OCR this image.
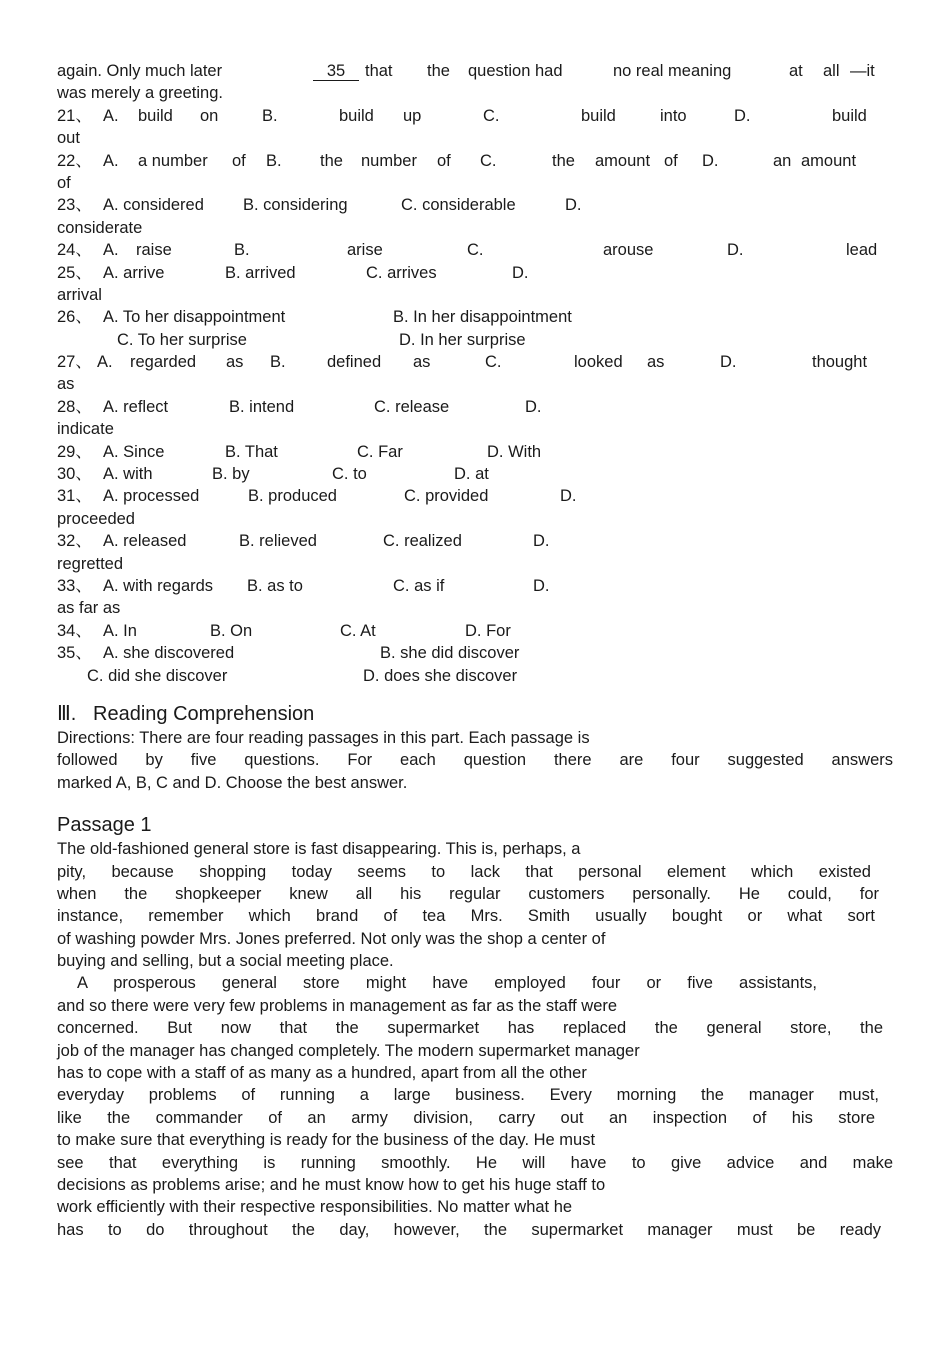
again. Only much later	35 that the question had	no real meaning	at all —it
was merely a greeting.
21、 A. build on	B.	build up	C.	build	into	D.	build
out
22、 A. a number of B. the number of C.	the amount of D.	an amount
of
23、 A. considered B. considering	C. considerable	D.
considerate
24、 A. raise	B.	arise	C.	arouse	D.	lead
25、 A. arrive	B. arrived	C. arrives	D.
arrival
26、 A. To her disappointment	B. In her disappointment
C. To her surprise	D. In her surprise
27、 A. regarded as B.	defined as	C.	looked as	D.	thought
as
28、 A. reflect	B. intend	C. release	D.
indicate
29、 A. Since	B. That	C. Far	D. With
30、 A. with	B. by	C. to	D. at
31、 A. processed	B. produced	C. provided	D.
proceeded
32、 A. released	B. relieved	C. realized	D.
regretted
33、 A. with regards B. as to	C. as if	D.
as far as
34、 A. In	B. On	C. At	D. For
35、 A. she discovered	B. she did discover
C. did she discover	D. does she discover
Ⅲ.   Reading Comprehension
Directions: There are four reading passages in this part. Each passage is
followed by five questions. For each question there are four suggested answers
marked A, B, C and D. Choose the best answer.
Passage 1
The old-fashioned general store is fast disappearing. This is, perhaps, a
pity, because shopping today seems to lack that personal element which existed
when the shopkeeper knew all his regular customers personally. He could, for
instance, remember which brand of tea Mrs. Smith usually bought or what sort
of washing powder Mrs. Jones preferred. Not only was the shop a center of
buying and selling, but a social meeting place.
A prosperous general store might have employed four or five assistants,
and so there were very few problems in management as far as the staff were
concerned. But now that the supermarket has replaced the general store, the
job of the manager has changed completely. The modern supermarket manager
has to cope with a staff of as many as a hundred, apart from all the other
everyday problems of running a large business. Every morning the manager must,
like the commander of an army division, carry out an inspection of his store
to make sure that everything is ready for the business of the day. He must
see that everything is running smoothly. He will have to give advice and make
decisions as problems arise; and he must know how to get his huge staff to
work efficiently with their respective responsibilities. No matter what he
has to do throughout the day, however, the supermarket manager must be ready
